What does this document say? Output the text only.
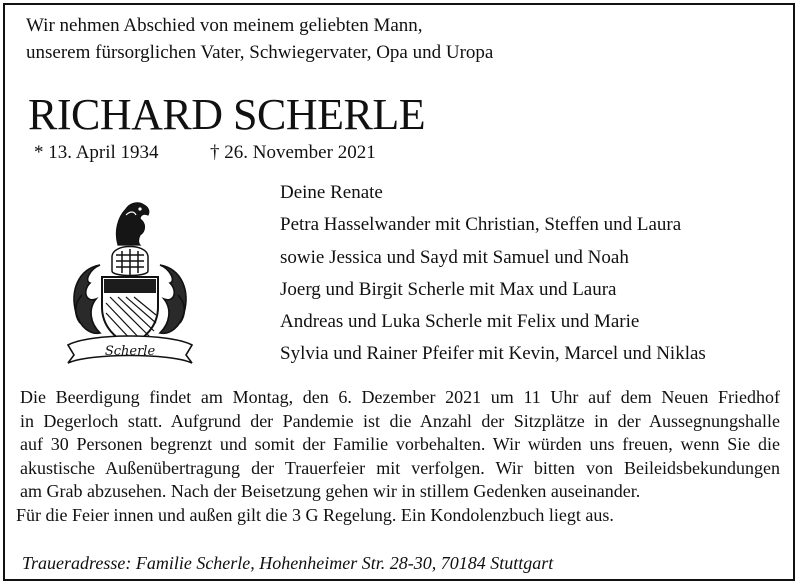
Wir nehmen Abschied von meinem geliebten Mann,
unserem fürsorglichen Vater, Schwiegervater, Opa und Uropa
RICHARD SCHERLE
* 13. April 1934	† 26. November 2021
Scherle
Deine Renate
Petra Hasselwander mit Christian, Steffen und Laura
sowie Jessica und Sayd mit Samuel und Noah
Joerg und Birgit Scherle mit Max und Laura
Andreas und Luka Scherle mit Felix und Marie
Sylvia und Rainer Pfeifer mit Kevin, Marcel und Niklas
Die Beerdigung findet am Montag, den 6. Dezember 2021 um 11 Uhr auf dem Neuen Friedhof
in Degerloch statt. Aufgrund der Pandemie ist die Anzahl der Sitzplätze in der Aussegnungshalle
auf 30 Personen begrenzt und somit der Familie vorbehalten. Wir würden uns freuen, wenn Sie die
akustische Außenübertragung der Trauerfeier mit verfolgen. Wir bitten von Beileidsbekundungen
am Grab abzusehen. Nach der Beisetzung gehen wir in stillem Gedenken auseinander.
Für die Feier innen und außen gilt die 3 G Regelung. Ein Kondolenzbuch liegt aus.
Traueradresse: Familie Scherle, Hohenheimer Str. 28-30, 70184 Stuttgart
